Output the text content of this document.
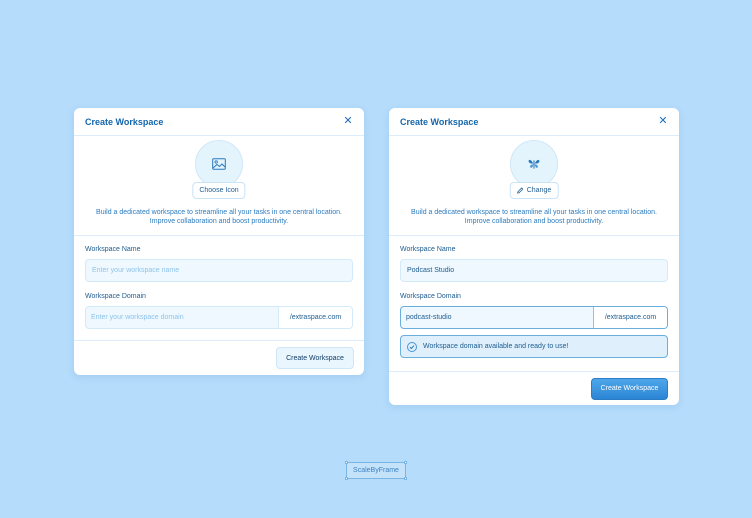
Create Workspace	✕
Choose Icon
Build a dedicated workspace to streamline all your tasks in one central location. Improve collaboration and boost productivity.
Workspace Name
Enter your workspace name
Workspace Domain
Enter your workspace domain	/extraspace.com
Create Workspace
Create Workspace	✕
Change
Build a dedicated workspace to streamline all your tasks in one central location. Improve collaboration and boost productivity.
Workspace Name
Podcast Studio
Workspace Domain
podcast-studio	/extraspace.com
Workspace domain available and ready to use!
Create Workspace
ScaleByFrame
